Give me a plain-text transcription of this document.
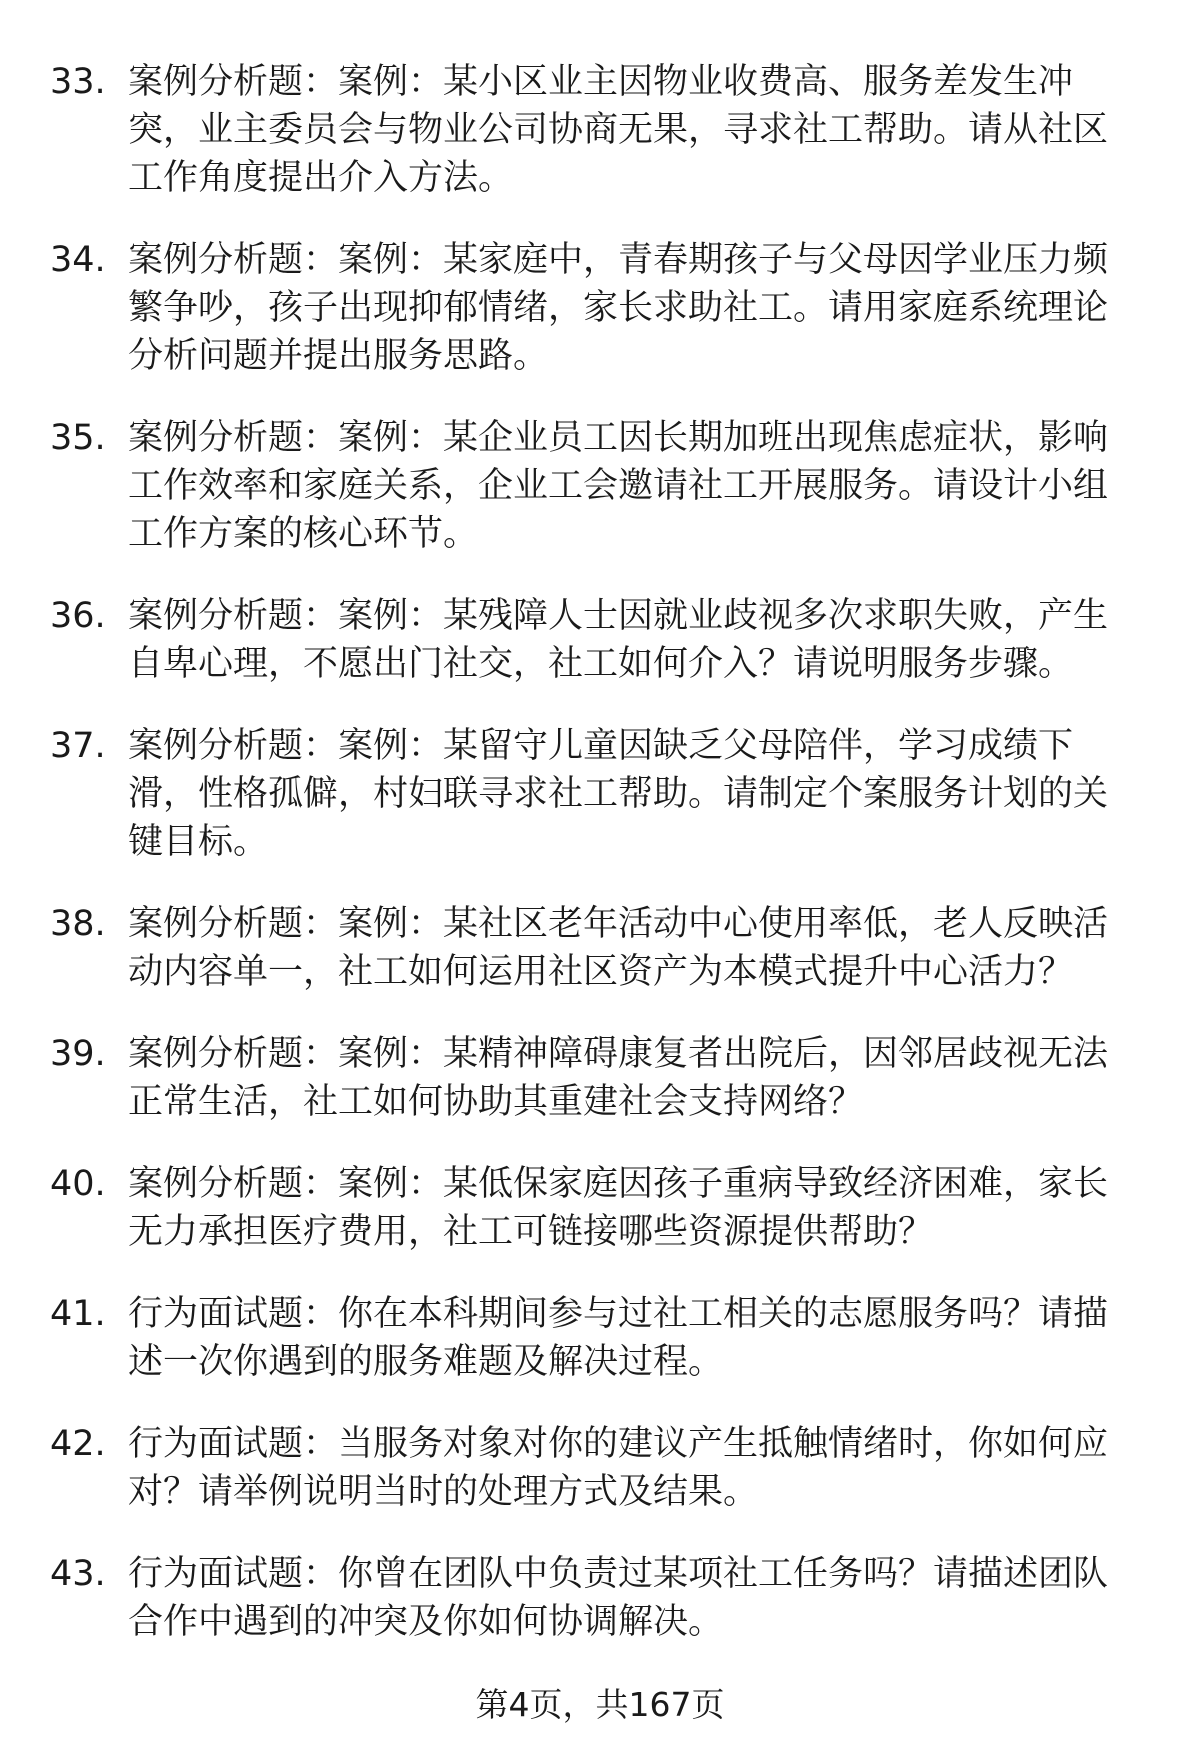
33. 案例分析题：案例：某小区业主因物业收费高、服务差发生冲突，业主委员会与物业公司协商无果，寻求社工帮助。请从社区工作角度提出介入方法。
34. 案例分析题：案例：某家庭中，青春期孩子与父母因学业压力频繁争吵，孩子出现抑郁情绪，家长求助社工。请用家庭系统理论分析问题并提出服务思路。
35. 案例分析题：案例：某企业员工因长期加班出现焦虑症状，影响工作效率和家庭关系，企业工会邀请社工开展服务。请设计小组工作方案的核心环节。
36. 案例分析题：案例：某残障人士因就业歧视多次求职失败，产生自卑心理，不愿出门社交，社工如何介入？请说明服务步骤。
37. 案例分析题：案例：某留守儿童因缺乏父母陪伴，学习成绩下滑，性格孤僻，村妇联寻求社工帮助。请制定个案服务计划的关键目标。
38. 案例分析题：案例：某社区老年活动中心使用率低，老人反映活动内容单一，社工如何运用社区资产为本模式提升中心活力？
39. 案例分析题：案例：某精神障碍康复者出院后，因邻居歧视无法正常生活，社工如何协助其重建社会支持网络？
40. 案例分析题：案例：某低保家庭因孩子重病导致经济困难，家长无力承担医疗费用，社工可链接哪些资源提供帮助？
41. 行为面试题：你在本科期间参与过社工相关的志愿服务吗？请描述一次你遇到的服务难题及解决过程。
42. 行为面试题：当服务对象对你的建议产生抵触情绪时，你如何应对？请举例说明当时的处理方式及结果。
43. 行为面试题：你曾在团队中负责过某项社工任务吗？请描述团队合作中遇到的冲突及你如何协调解决。
第4页，共167页
